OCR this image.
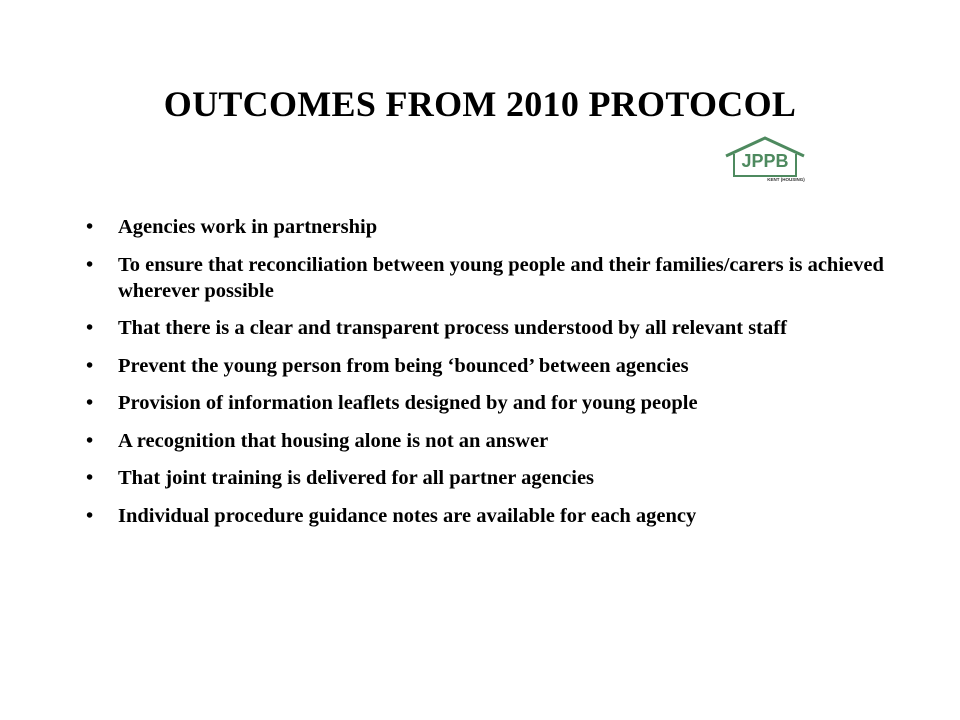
OUTCOMES FROM 2010 PROTOCOL
JPPB
KENT (HOUSING)
• Agencies work in partnership
• To ensure that reconciliation between young people and their families/carers is achieved wherever possible
• That there is a clear and transparent process understood by all relevant staff
• Prevent the young person from being ‘bounced’ between agencies
• Provision of information leaflets designed by and for young people
• A recognition that housing alone is not an answer
• That joint training is delivered for all partner agencies
• Individual procedure guidance notes are available for each agency
